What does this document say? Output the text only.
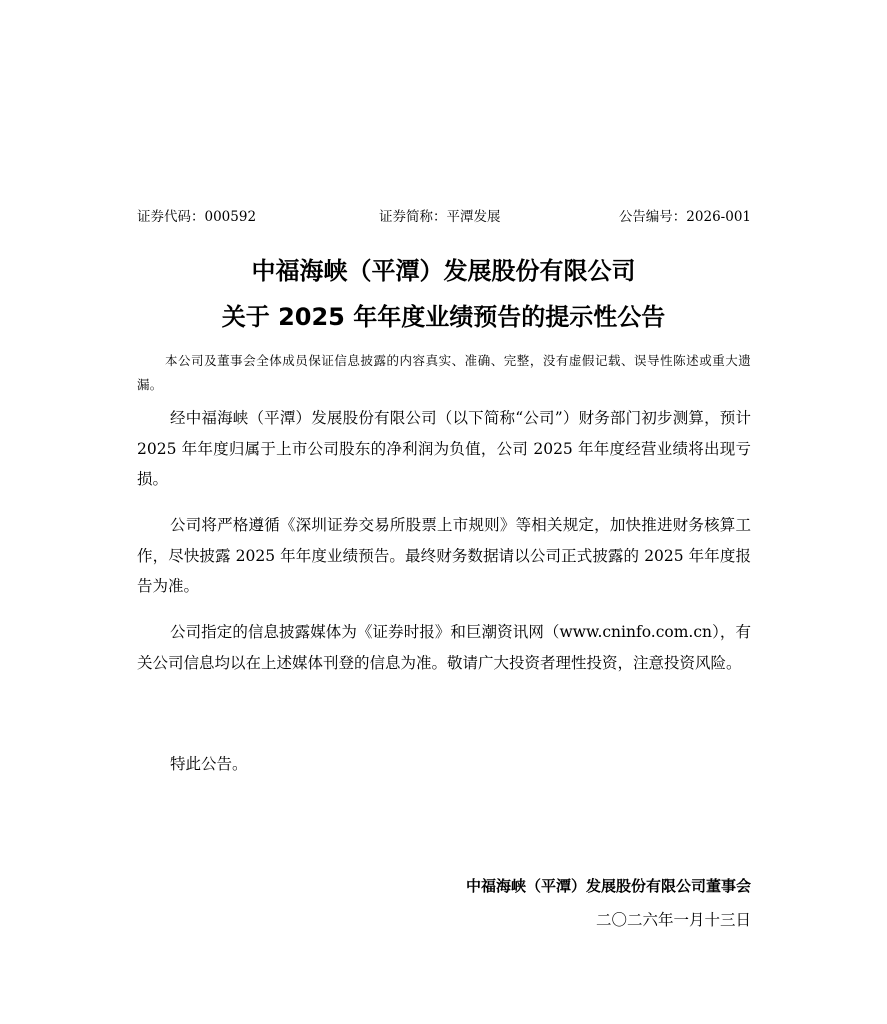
证券代码：000592	证券简称：平潭发展	公告编号：2026-001
中福海峡（平潭）发展股份有限公司
关于 2025 年年度业绩预告的提示性公告
本公司及董事会全体成员保证信息披露的内容真实、准确、完整，没有虚假记载、误导性陈述或重大遗漏。
经中福海峡（平潭）发展股份有限公司（以下简称“公司”）财务部门初步测算，预计 2025 年年度归属于上市公司股东的净利润为负值，公司 2025 年年度经营业绩将出现亏损。
公司将严格遵循《深圳证券交易所股票上市规则》等相关规定，加快推进财务核算工作，尽快披露 2025 年年度业绩预告。最终财务数据请以公司正式披露的 2025 年年度报告为准。
公司指定的信息披露媒体为《证券时报》和巨潮资讯网（www.cninfo.com.cn），有关公司信息均以在上述媒体刊登的信息为准。敬请广大投资者理性投资，注意投资风险。
特此公告。
中福海峡（平潭）发展股份有限公司董事会
二〇二六年一月十三日
